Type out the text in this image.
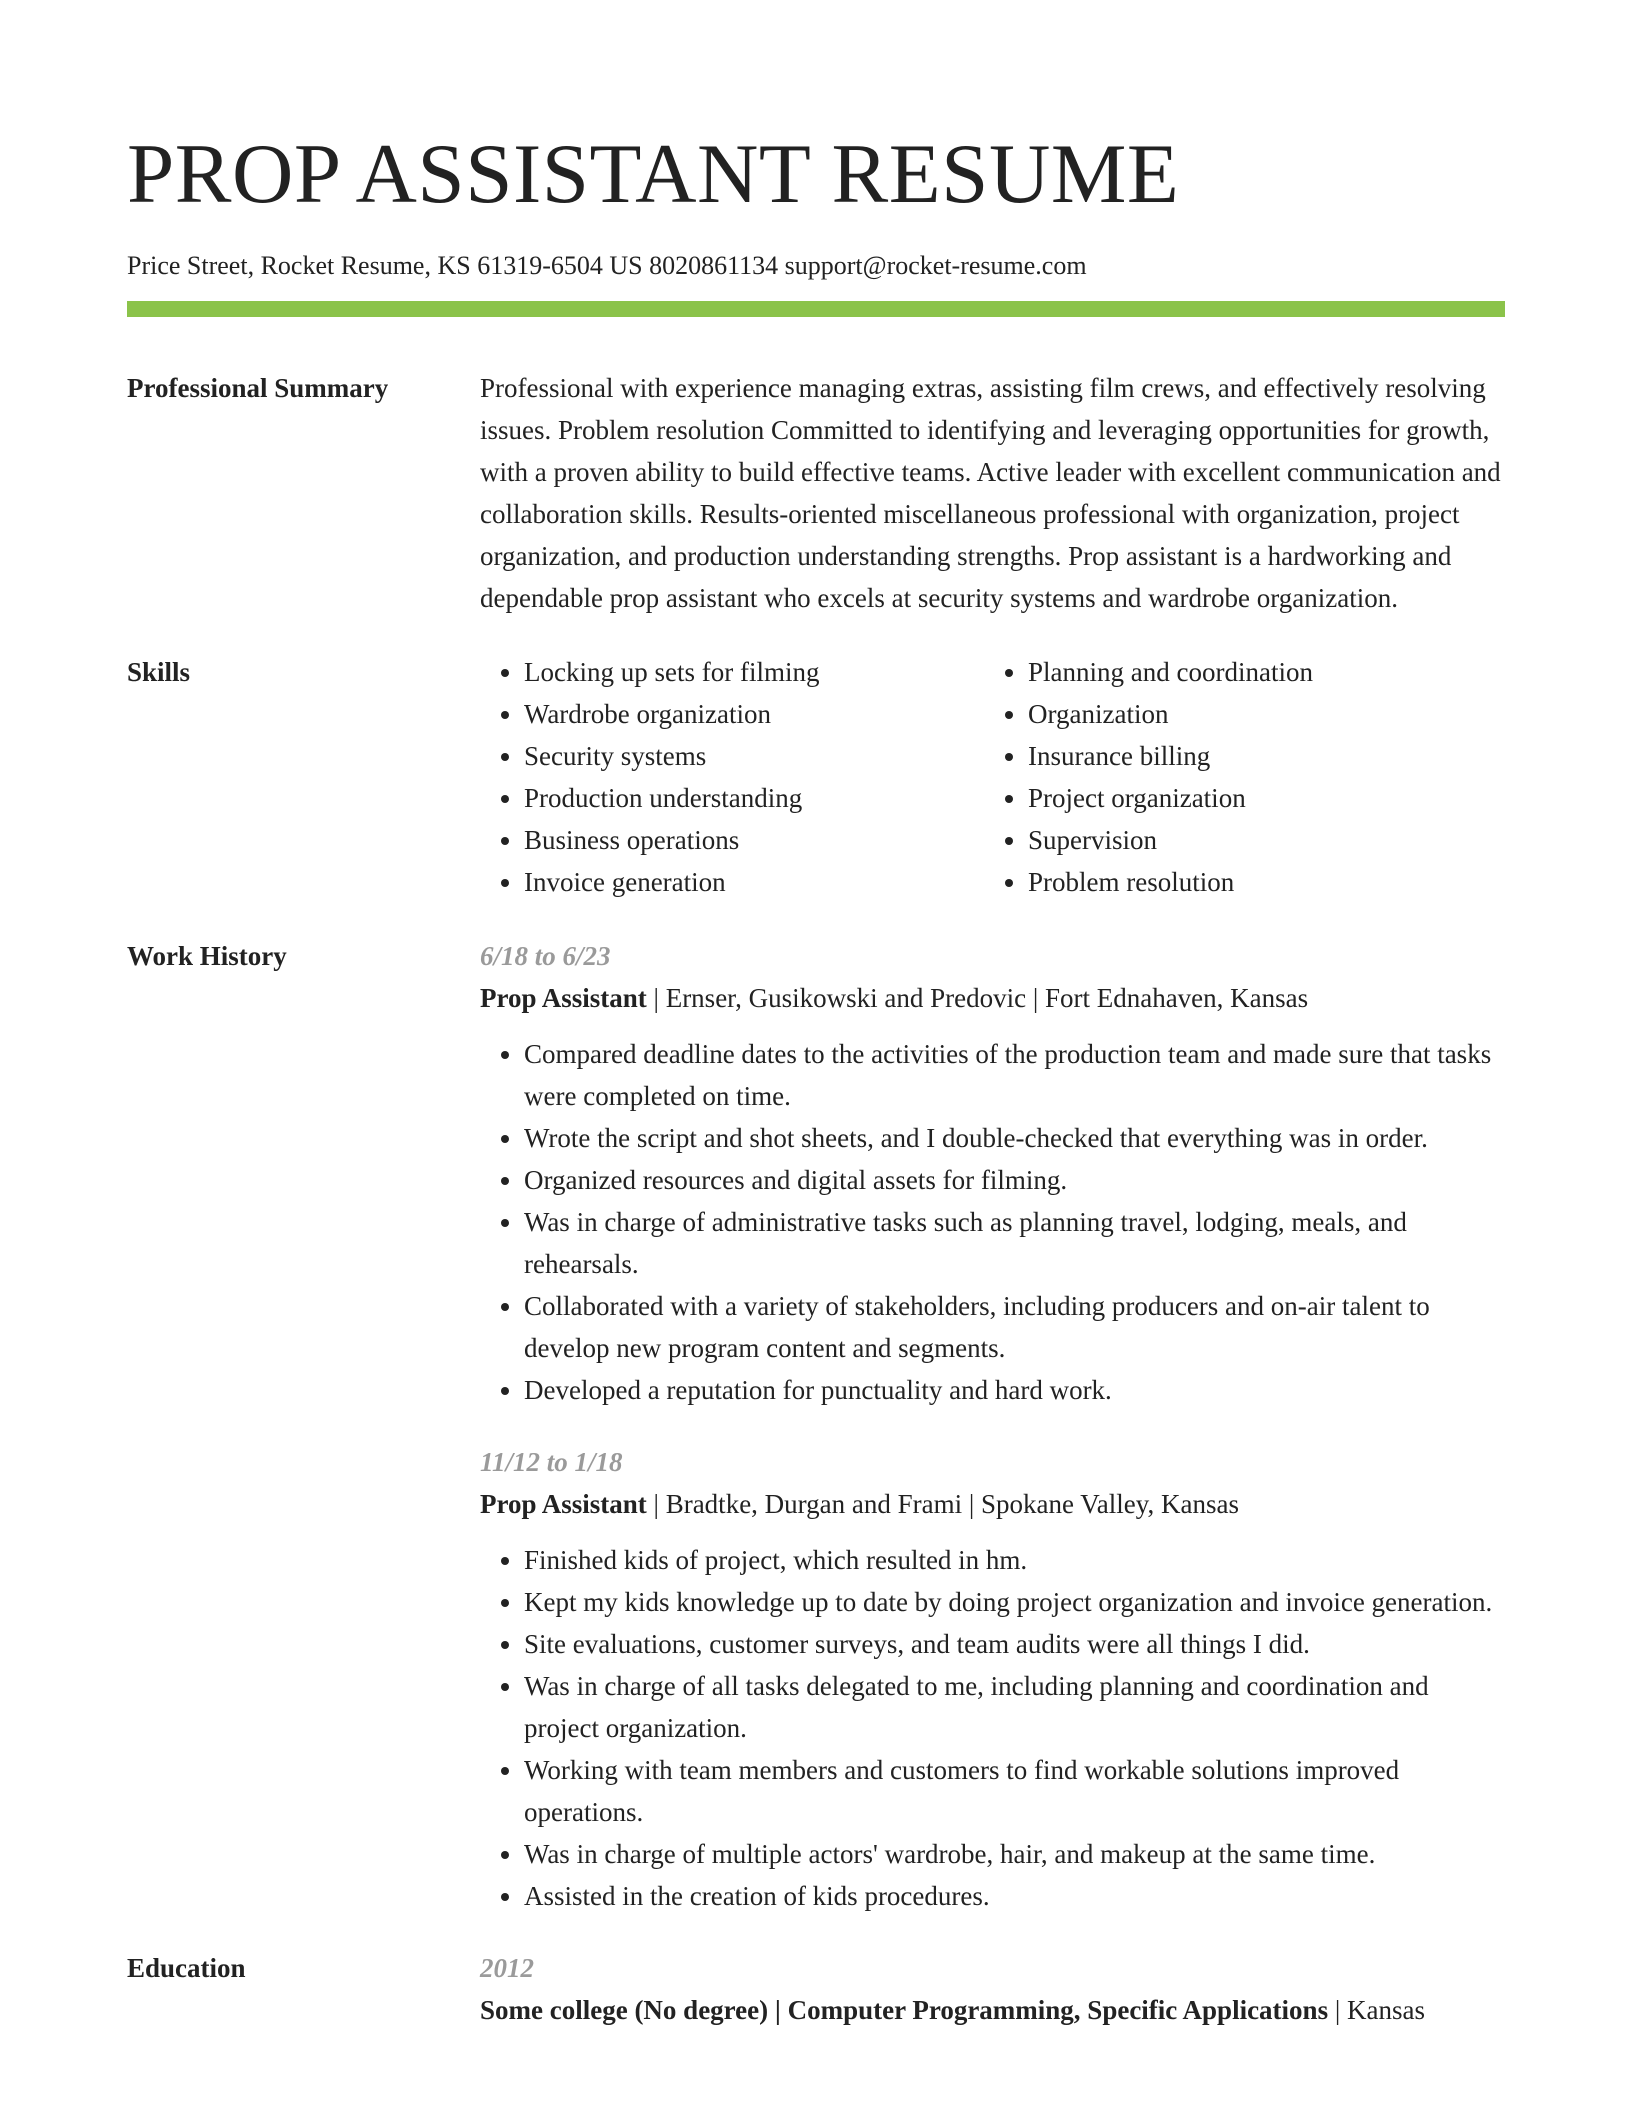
PROP ASSISTANT RESUME
Price Street, Rocket Resume, KS 61319-6504 US 8020861134 support@rocket-resume.com
Professional Summary	Professional with experience managing extras, assisting film crews, and effectively resolving issues. Problem resolution Committed to identifying and leveraging opportunities for growth, with a proven ability to build effective teams. Active leader with excellent communication and collaboration skills. Results-oriented miscellaneous professional with organization, project organization, and production understanding strengths. Prop assistant is a hardworking and dependable prop assistant who excels at security systems and wardrobe organization.

Skills
•	Locking up sets for filming
• Wardrobe organization
• Security systems
• Production understanding
• Business operations
• Invoice generation
• Planning and coordination
• Organization
• Insurance billing
• Project organization
• Supervision
• Problem resolution
Work History	6/18 to 6/23

Prop Assistant | Ernser, Gusikowski and Predovic | Fort Ednahaven, Kansas

• Compared deadline dates to the activities of the production team and made sure that tasks were completed on time.
• Wrote the script and shot sheets, and I double-checked that everything was in order.
• Organized resources and digital assets for filming.
• Was in charge of administrative tasks such as planning travel, lodging, meals, and rehearsals.
• Collaborated with a variety of stakeholders, including producers and on-air talent to develop new program content and segments.
• Developed a reputation for punctuality and hard work.
11/12 to 1/18

Prop Assistant | Bradtke, Durgan and Frami | Spokane Valley, Kansas

• Finished kids of project, which resulted in hm.
• Kept my kids knowledge up to date by doing project organization and invoice generation.
• Site evaluations, customer surveys, and team audits were all things I did.
• Was in charge of all tasks delegated to me, including planning and coordination and project organization.
• Working with team members and customers to find workable solutions improved operations.
• Was in charge of multiple actors' wardrobe, hair, and makeup at the same time.
• Assisted in the creation of kids procedures.
Education	2012

Some college (No degree) | Computer Programming, Specific Applications | Kansas
